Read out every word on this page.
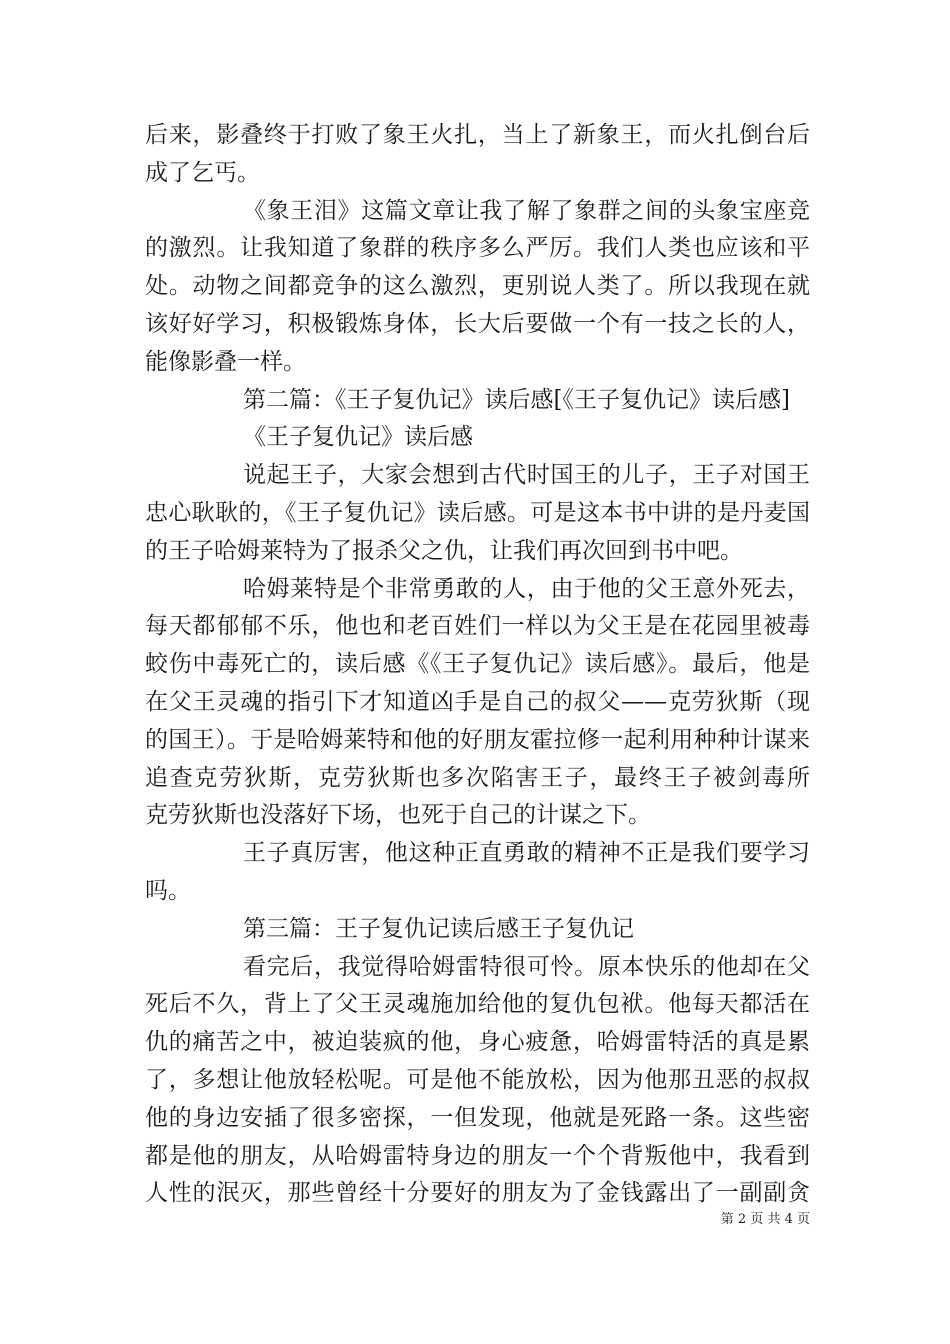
后来，影叠终于打败了象王火扎，当上了新象王，而火扎倒台后
成了乞丐。
《象王泪》这篇文章让我了解了象群之间的头象宝座竞
的激烈。让我知道了象群的秩序多么严厉。我们人类也应该和平
处。动物之间都竞争的这么激烈，更别说人类了。所以我现在就
该好好学习，积极锻炼身体，长大后要做一个有一技之长的人，
能像影叠一样。
第二篇：《王子复仇记》读后感[《王子复仇记》读后感]
《王子复仇记》读后感
说起王子，大家会想到古代时国王的儿子，王子对国王
忠心耿耿的，《王子复仇记》读后感。可是这本书中讲的是丹麦国
的王子哈姆莱特为了报杀父之仇，让我们再次回到书中吧。
哈姆莱特是个非常勇敢的人，由于他的父王意外死去，
每天都郁郁不乐，他也和老百姓们一样以为父王是在花园里被毒
蛟伤中毒死亡的，读后感《《王子复仇记》读后感》。最后，他是
在父王灵魂的指引下才知道凶手是自己的叔父——克劳狄斯（现
的国王）。于是哈姆莱特和他的好朋友霍拉修一起利用种种计谋来
追查克劳狄斯，克劳狄斯也多次陷害王子，最终王子被剑毒所
克劳狄斯也没落好下场，也死于自己的计谋之下。
王子真厉害，他这种正直勇敢的精神不正是我们要学习
吗。
第三篇：王子复仇记读后感王子复仇记
看完后，我觉得哈姆雷特很可怜。原本快乐的他却在父
死后不久，背上了父王灵魂施加给他的复仇包袱。他每天都活在
仇的痛苦之中，被迫装疯的他，身心疲惫，哈姆雷特活的真是累
了，多想让他放轻松呢。可是他不能放松，因为他那丑恶的叔叔
他的身边安插了很多密探，一但发现，他就是死路一条。这些密
都是他的朋友，从哈姆雷特身边的朋友一个个背叛他中，我看到
人性的泯灭，那些曾经十分要好的朋友为了金钱露出了一副副贪
第 2 页 共 4 页
